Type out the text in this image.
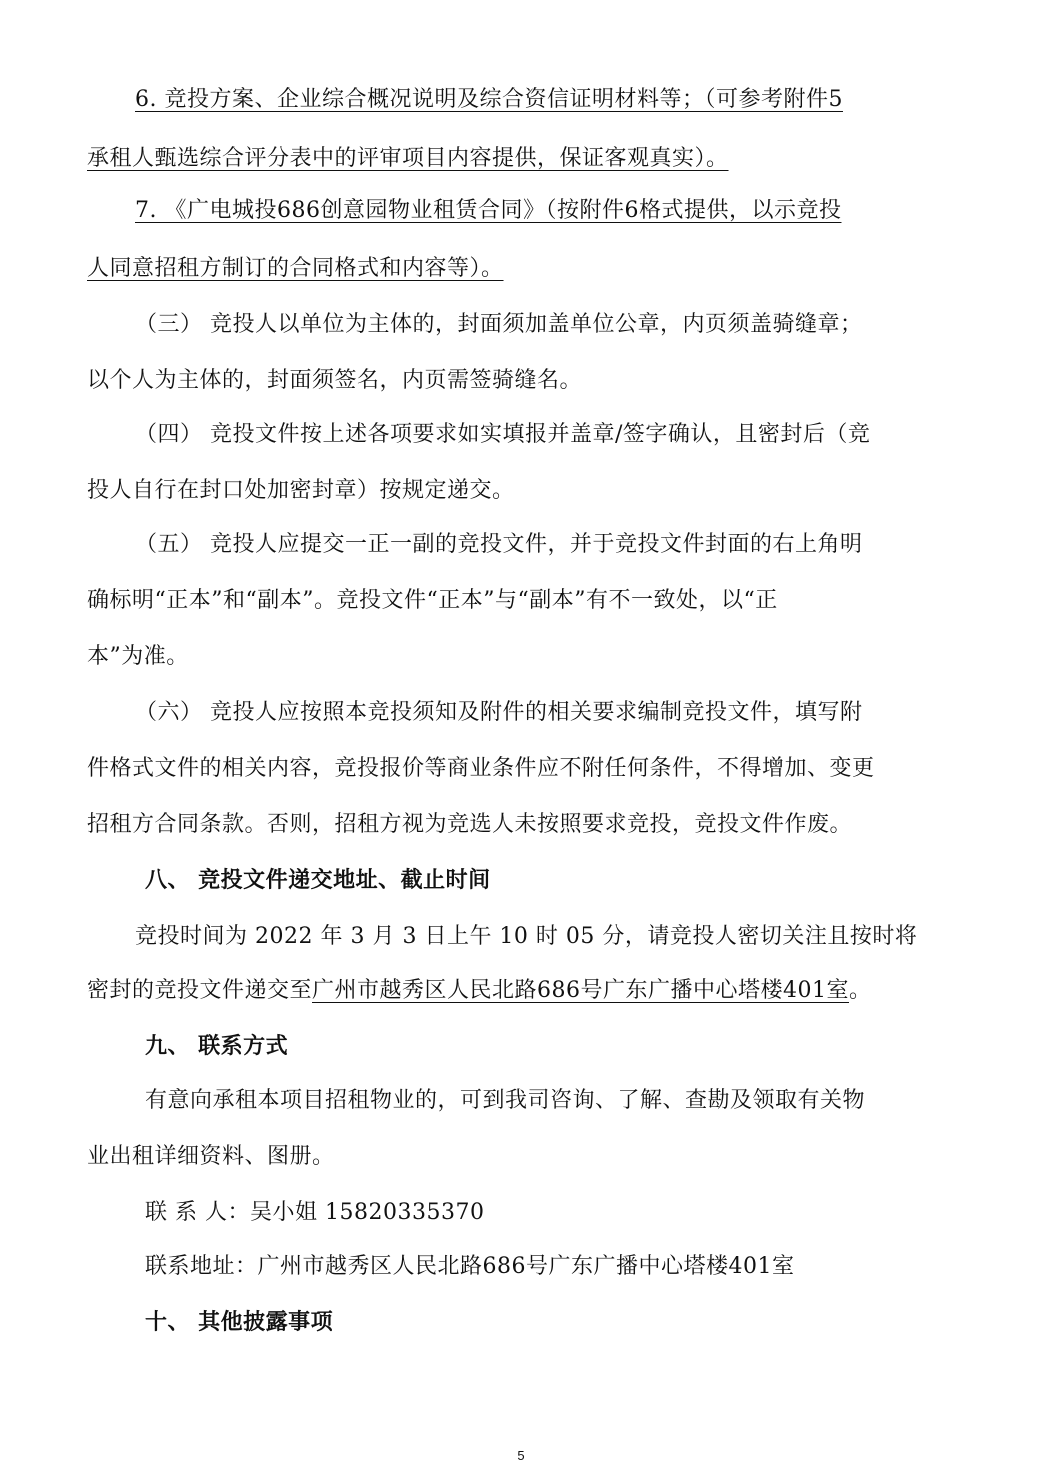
6. 竞投方案、企业综合概况说明及综合资信证明材料等；（可参考附件5
承租人甄选综合评分表中的评审项目内容提供，保证客观真实）。
7. 《广电城投686创意园物业租赁合同》（按附件6格式提供，以示竞投
人同意招租方制订的合同格式和内容等）。
（三） 竞投人以单位为主体的，封面须加盖单位公章，内页须盖骑缝章；
以个人为主体的，封面须签名，内页需签骑缝名。
（四） 竞投文件按上述各项要求如实填报并盖章/签字确认，且密封后（竞
投人自行在封口处加密封章）按规定递交。
（五） 竞投人应提交一正一副的竞投文件，并于竞投文件封面的右上角明
确标明“正本”和“副本”。竞投文件“正本”与“副本”有不一致处，以“正
本”为准。
（六） 竞投人应按照本竞投须知及附件的相关要求编制竞投文件，填写附
件格式文件的相关内容，竞投报价等商业条件应不附任何条件，不得增加、变更
招租方合同条款。否则，招租方视为竞选人未按照要求竞投，竞投文件作废。
八、 竞投文件递交地址、截止时间
竞投时间为 2022 年 3 月 3 日上午 10 时 05 分，请竞投人密切关注且按时将
密封的竞投文件递交至广州市越秀区人民北路686号广东广播中心塔楼401室。
九、 联系方式
有意向承租本项目招租物业的，可到我司咨询、了解、查勘及领取有关物
业出租详细资料、图册。
联 系 人：吴小姐 15820335370
联系地址：广州市越秀区人民北路686号广东广播中心塔楼401室
十、 其他披露事项
5
